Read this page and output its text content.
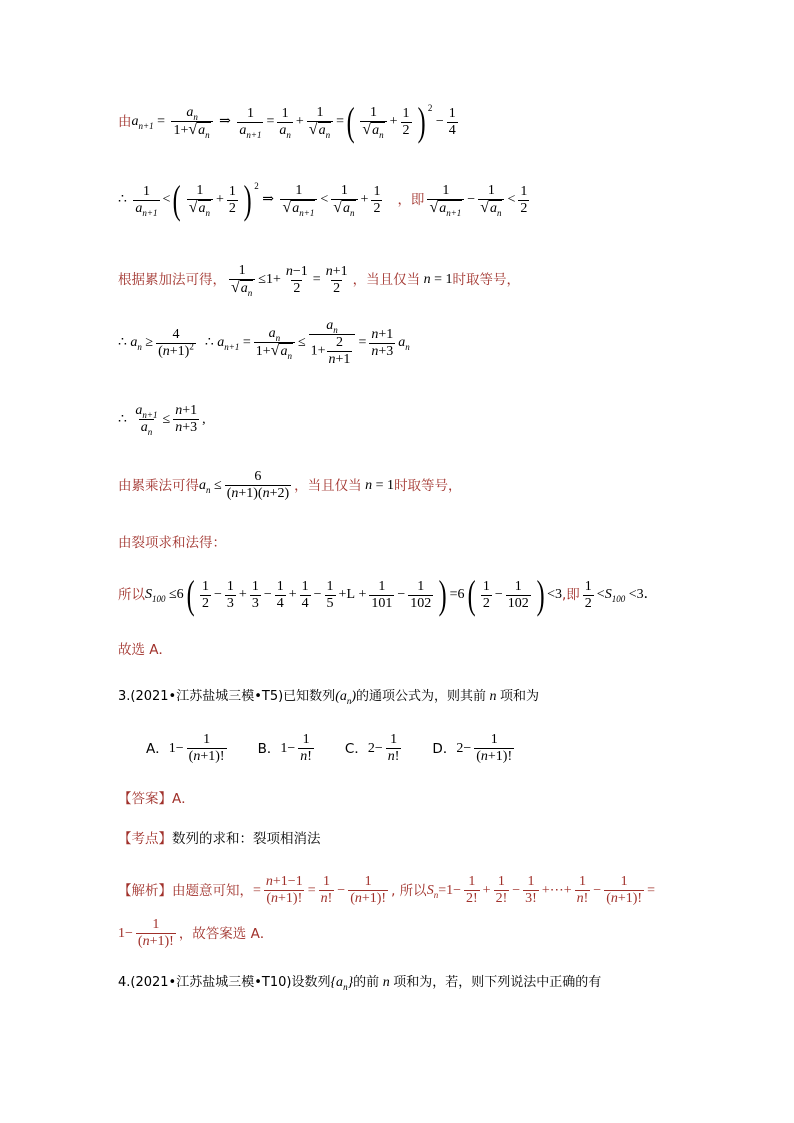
由 $a_{n+1} = \frac{a_n}{1+ √ a_n}$ ⇒ $\frac{1}{a_{n+1}} = \frac{1}{a_n} + \frac{1}{√ a_n}$ = ( $\frac{1}{√ a_n} + \frac{1}{2}$ ) $^2$
− $\frac{1}{4}$
∴ $\frac{1}{a_{n+1}}$ < ( $\frac{1}{√ a_n} + \frac{1}{2}$ ) $^2$
⇒ $\frac{1}{√ a_{n+1}} < \frac{1}{√ a_n} + \frac{1}{2}$ ，即 $\frac{1}{√ a_{n+1}} - \frac{1}{√ a_n} < \frac{1}{2}$
根据累加法可得， $\frac{1}{√ a_n} \le 1+ \frac{n-1}{2} = \frac{n+1}{2}$ ，当且仅当 n = 1 时取等号，
∴ $a_n \ge \frac{4}{(n+1)^2}$ ∴ $a_{n+1} = \frac{a_n}{1+ √ a_n} \le \frac{a_n}{1+ \frac{2}{n+1}} = \frac{n+1}{n+3} a_n$
∴ $\frac{a_{n+1}}{a_n} \le \frac{n+1}{n+3}$ ,
由累乘法可得 $a_n \le \frac{6}{(n+1)(n+2)}$ ，当且仅当 n = 1 时取等号，
由裂项求和法得：
所以 $S_{100} \le 6$ ( $\frac{1}{2} - \frac{1}{3} + \frac{1}{3} - \frac{1}{4} + \frac{1}{4} - \frac{1}{5} +L + \frac{1}{101} - \frac{1}{102}$ ) =6 ( $\frac{1}{2} - \frac{1}{102}$ ) <3 ,即 $\frac{1}{2} < S_{100} <3$．
故选 A．
3.(2021•江苏盐城三模•T5)已知数列 $(a_n)$ 的通项公式为，则其前 n 项和为
A． $1- \frac{1}{(n+1)!}$ B． $1- \frac{1}{n!}$ C． $2- \frac{1}{n!}$ D． $2- \frac{1}{(n+1)!}$
【答案】 A．
【考点】 数列的求和：裂项相消法
【解析】 由题意可知， = $\frac{n+1-1}{(n+1)!} = \frac{1}{n!} - \frac{1}{(n+1)!}$ , 所以 $S_n =1- \frac{1}{2!} + \frac{1}{2!} - \frac{1}{3!}$ +⋯+ $\frac{1}{n!} - \frac{1}{(n+1)!}$ =
$1- \frac{1}{(n+1)!}$ ，故答案选 A．
4.(2021•江苏盐城三模•T10)设数列 $\{a_n\}$ 的前 n 项和为，若，则下列说法中正确的有
